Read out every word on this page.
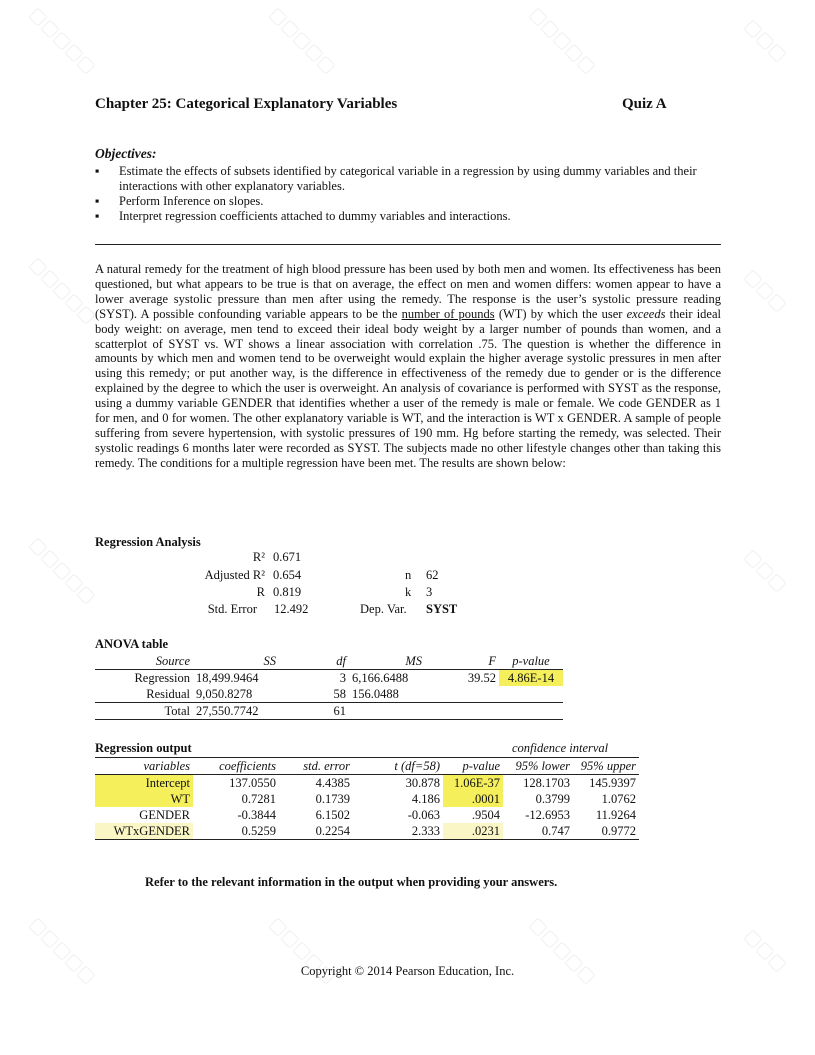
▢▢▢▢▢	▢▢▢▢▢	▢▢▢▢▢	▢▢▢
▢▢▢▢▢	▢▢▢
▢▢▢▢▢	▢▢▢
▢▢▢▢▢	▢▢▢▢▢	▢▢▢▢▢	▢▢▢
Chapter 25: Categorical Explanatory Variables	Quiz A
Objectives:
▪ Estimate the effects of subsets identified by categorical variable in a regression by using dummy variables and their interactions with other explanatory variables.
▪ Perform Inference on slopes.
▪ Interpret regression coefficients attached to dummy variables and interactions.
A natural remedy for the treatment of high blood pressure has been used by both men and women. Its effectiveness has been questioned, but what appears to be true is that on average, the effect on men and women differs: women appear to have a lower average systolic pressure than men after using the remedy. The response is the user’s systolic pressure reading (SYST). A possible confounding variable appears to be the number of pounds (WT) by which the user exceeds their ideal body weight: on average, men tend to exceed their ideal body weight by a larger number of pounds than women, and a scatterplot of SYST vs. WT shows a linear association with correlation .75. The question is whether the difference in amounts by which men and women tend to be overweight would explain the higher average systolic pressures in men after using this remedy; or put another way, is the difference in effectiveness of the remedy due to gender or is the difference explained by the degree to which the user is overweight. An analysis of covariance is performed with SYST as the response, using a dummy variable GENDER that identifies whether a user of the remedy is male or female. We code GENDER as 1 for men, and 0 for women. The other explanatory variable is WT, and the interaction is WT x GENDER. A sample of people suffering from severe hypertension, with systolic pressures of 190 mm. Hg before starting the remedy, was selected. Their systolic readings 6 months later were recorded as SYST. The subjects made no other lifestyle changes other than taking this remedy. The conditions for a multiple regression have been met. The results are shown below:
Regression Analysis
R² 0.671
Adjusted R² 0.654
R 0.819
Std. Error 12.492
n 62
k 3
Dep. Var. SYST
ANOVA table
Source	SS	df	MS	F	p-value
Regression	18,499.9464	3	6,166.6488	39.52	4.86E-14
Residual	9,050.8278	58	156.0488		
Total	27,550.7742	61			
Regression output	confidence interval
variables	coefficients	std. error	t (df=58)	p-value	95% lower	95% upper
Intercept	137.0550	4.4385	30.878	1.06E-37	128.1703	145.9397
WT	0.7281	0.1739	4.186	.0001	0.3799	1.0762
GENDER	-0.3844	6.1502	-0.063	.9504	-12.6953	11.9264
WTxGENDER	0.5259	0.2254	2.333	.0231	0.747	0.9772
Refer to the relevant information in the output when providing your answers.
Copyright © 2014 Pearson Education, Inc.
